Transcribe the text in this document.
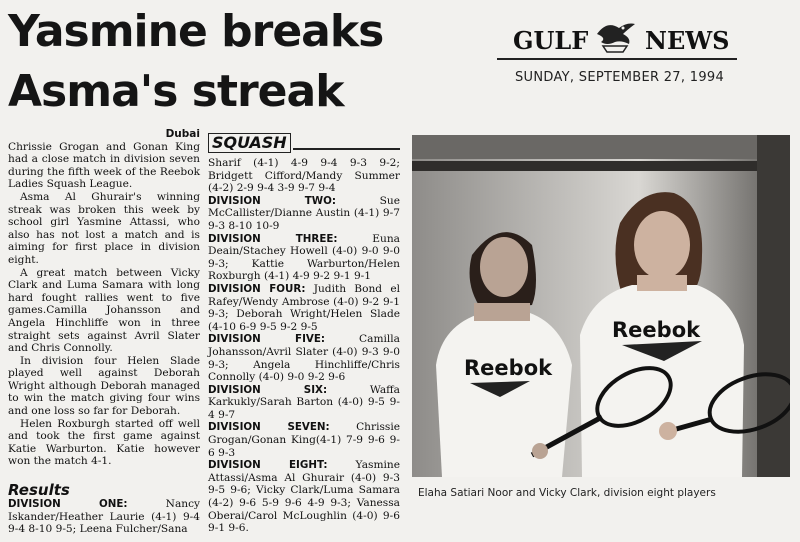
Yasmine breaks
Asma's streak
GULF NEWS
SUNDAY, SEPTEMBER 27, 1994
Dubai

Chrissie Grogan and Gonan King had a close match in division seven during the fifth week of the Reebok Ladies Squash League.

Asma Al Ghurair's winning streak was broken this week by school girl Yasmine Attassi, who also has not lost a match and is aiming for first place in division eight.

A great match between Vicky Clark and Luma Samara with long hard fought rallies went to five games.Camilla Johansson and Angela Hinchliffe won in three straight sets against Avril Slater and Chris Connolly.

In division four Helen Slade played well against Deborah Wright although Deborah managed to win the match giving four wins and one loss so far for Deborah.

Helen Roxburgh started off well and took the first game against Katie Warburton. Katie however won the match 4-1.

Results
DIVISION	ONE:	Nancy
Iskander/Heather Laurie (4-1) 9-4 9-4 8-10 9-5; Leena Fulcher/Sana
SQUASH
Sharif (4-1) 4-9 9-4 9-3 9-2; Bridgett Cifford/Mandy Summer (4-2) 2-9 9-4 3-9 9-7 9-4
DIVISION TWO:	Sue McCallister/Dianne Austin (4-1) 9-7 9-3 8-10 10-9
DIVISION THREE:	Euna Deain/Stachey Howell (4-0) 9-0 9-0 9-3; Kattie Warburton/Helen Roxburgh (4-1) 4-9 9-2 9-1 9-1
DIVISION FOUR: Judith Bond el Rafey/Wendy Ambrose (4-0) 9-2 9-1 9-3; Deborah Wright/Helen Slade (4-10 6-9 9-5 9-2 9-5
DIVISION FIVE:	Camilla Johansson/Avril Slater (4-0) 9-3 9-0 9-3; Angela Hinchliffe/Chris Connolly (4-0) 9-0 9-2 9-6
DIVISION SIX:	Waffa Karkukly/Sarah Barton (4-0) 9-5 9-4 9-7
DIVISION SEVEN: Chrissie Grogan/Gonan King(4-1) 7-9 9-6 9-6 9-3
DIVISION EIGHT:	Yasmine Attassi/Asma Al Ghurair (4-0) 9-3 9-5 9-6; Vicky Clark/Luma Samara (4-2) 9-6 5-9 9-6 4-9 9-3; Vanessa Oberai/Carol McLoughlin (4-0) 9-6 9-1 9-6.
Reebok
Reebok
Elaha Satiari Noor and Vicky Clark, division eight players
